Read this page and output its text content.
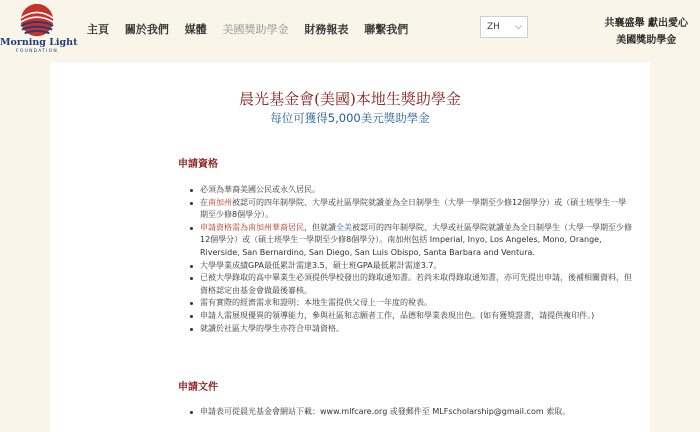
Morning Light
FOUNDATION
主頁 關於我們 媒體 美國獎助學金 財務報表 聯繫我們	ZH ⌵	共襄盛舉 獻出愛心
美國獎助學金
晨光基金會(美國)本地生獎助學金
每位可獲得5,000美元獎助學金
申請資格
必須為華裔美國公民或永久居民。
在南加州被認可的四年制學院、大學或社區學院就讀並為全日制學生（大學一學期至少修12個學分）或（碩士班學生一學期至少修8個學分）。
申請資格需為南加州華裔居民，但就讀全美被認可的四年制學院、大學或社區學院就讀並為全日制學生（大學一學期至少修12個學分）或（碩士班學生一學期至少修8個學分）。南加州包括 Imperial, Inyo, Los Angeles, Mono, Orange, Riverside, San Bernardino, San Diego, San Luis Obispo, Santa Barbara and Ventura.
大學學業成績GPA最低累計需達3.5，碩士班GPA最低累計需達3.7。
已被大學錄取的高中畢業生必須提供學校發出的錄取通知書。若尚未取得錄取通知書，亦可先提出申請，後補相關資料，但資格認定由基金會做最後審核。
需有實際的經濟需求和證明；本地生需提供父母上一年度的稅表。
申請人需展現優異的領導能力，參與社區和志願者工作，品德和學業表現出色。(如有獲獎證書，請提供複印件。)
就讀於社區大學的學生亦符合申請資格。
申請文件
申請表可從晨光基金會網站下載：www.mlfcare.org 或發郵件至 MLFscholarship@gmail.com 索取。
